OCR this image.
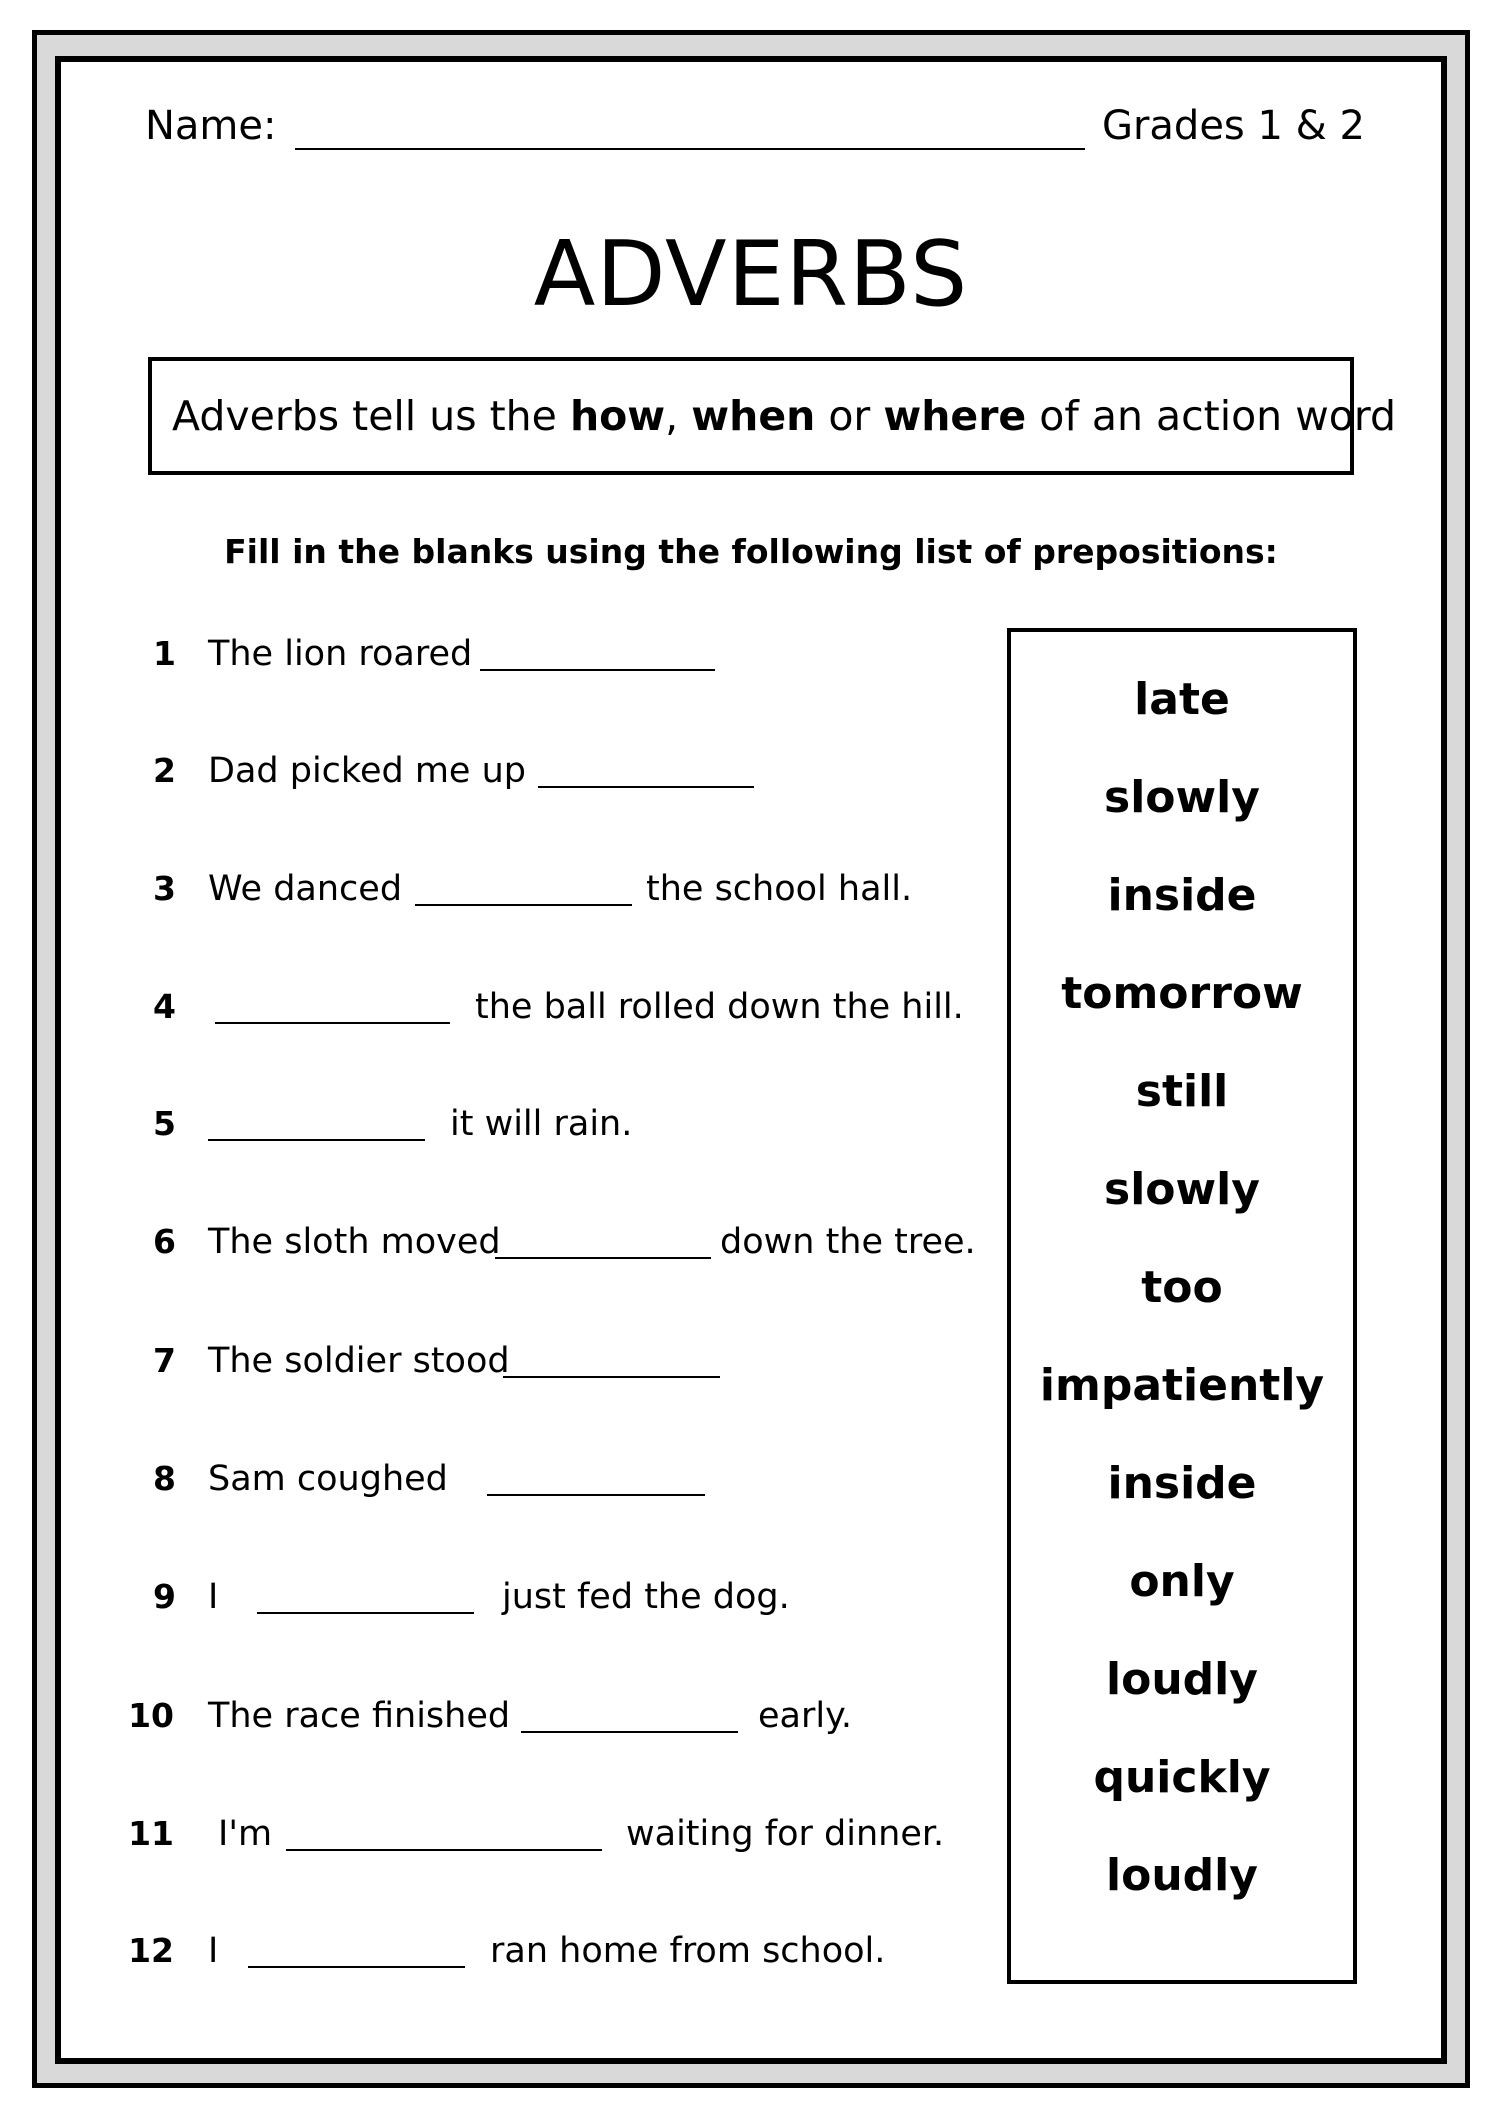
Name:	Grades 1 & 2
ADVERBS
Adverbs tell us the how , when or where of an action word
Fill in the blanks using the following list of prepositions:
1 The lion roared
2 Dad picked me up
3 We danced	the school hall.
4	the ball rolled down the hill.
5	it will rain.
6 The sloth moved	down the tree.
7 The soldier stood
8 Sam coughed
9 I	just fed the dog.
10 The race finished	early.
11 I'm	waiting for dinner.
12 I	ran home from school.
late
slowly
inside
tomorrow
still
slowly
too
impatiently
inside
only
loudly
quickly
loudly
